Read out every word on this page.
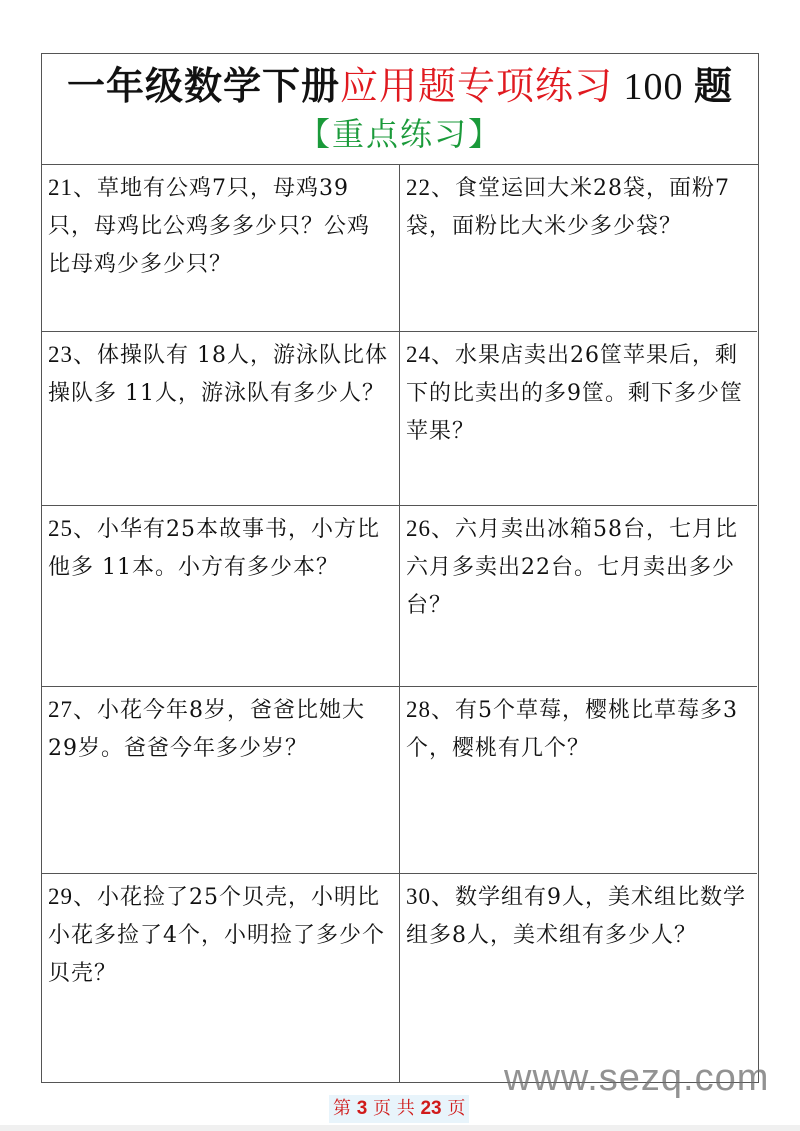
一年级数学下册应用题专项练习 100 题
【重点练习】
21、草地有公鸡7只，母鸡39只，母鸡比公鸡多多少只？公鸡比母鸡少多少只？
22、食堂运回大米28袋，面粉7袋，面粉比大米少多少袋？
23、体操队有 18人，游泳队比体操队多 11人，游泳队有多少人？
24、水果店卖出26筐苹果后，剩下的比卖出的多9筐。剩下多少筐苹果？
25、小华有25本故事书，小方比他多 11本。小方有多少本？
26、六月卖出冰箱58台，七月比六月多卖出22台。七月卖出多少台？
27、小花今年8岁，爸爸比她大29岁。爸爸今年多少岁？
28、有5个草莓，樱桃比草莓多3个，樱桃有几个？
29、小花捡了25个贝壳，小明比小花多捡了4个，小明捡了多少个贝壳？
30、数学组有9人，美术组比数学组多8人，美术组有多少人？
www.sezq.com
第 3 页 共 23 页
